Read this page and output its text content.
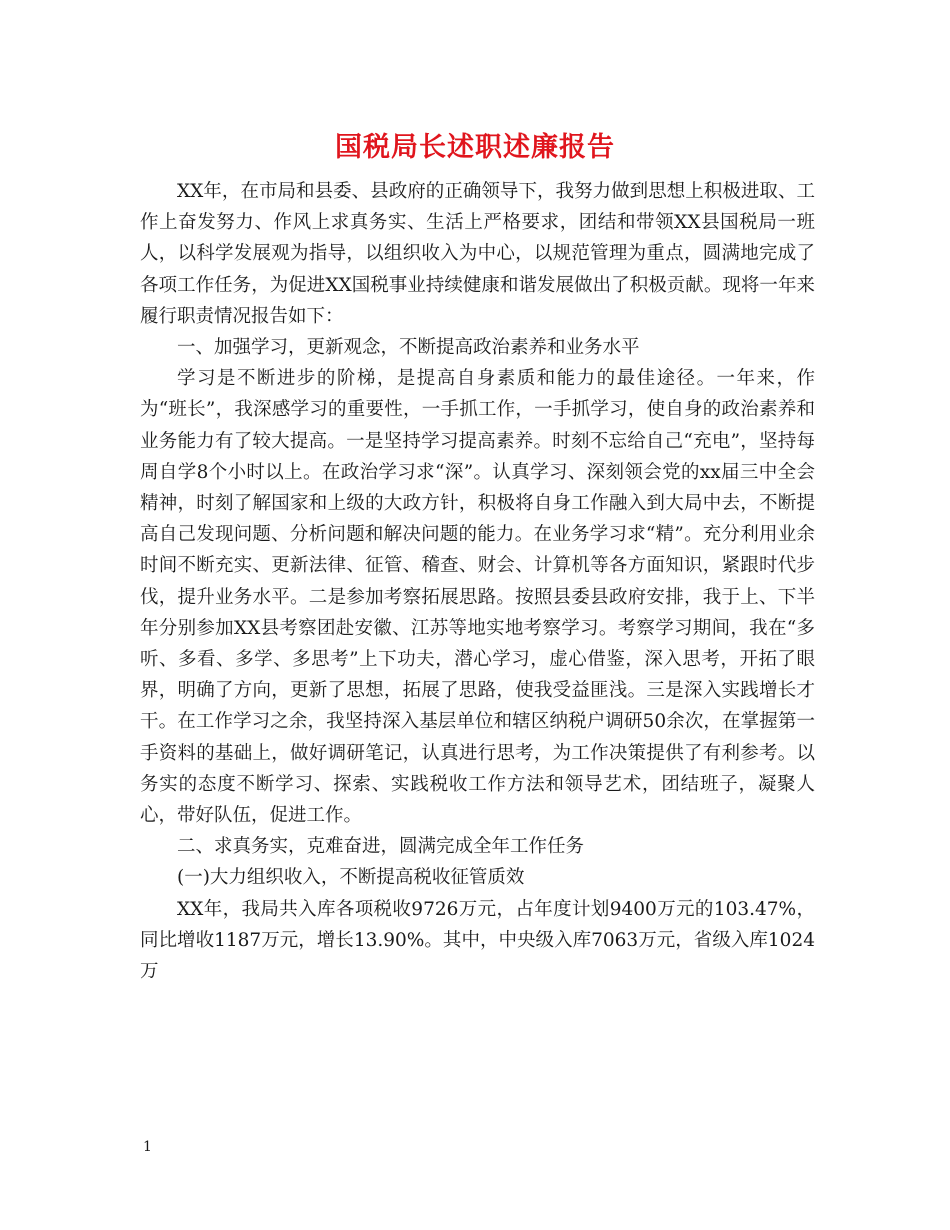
国税局长述职述廉报告

XX年，在市局和县委、县政府的正确领导下，我努力做到思想上积极进取、工作上奋发努力、作风上求真务实、生活上严格要求，团结和带领XX县国税局一班人，以科学发展观为指导，以组织收入为中心，以规范管理为重点，圆满地完成了各项工作任务，为促进XX国税事业持续健康和谐发展做出了积极贡献。现将一年来履行职责情况报告如下：

一、加强学习，更新观念，不断提高政治素养和业务水平

学习是不断进步的阶梯，是提高自身素质和能力的最佳途径。一年来，作为“班长”，我深感学习的重要性，一手抓工作，一手抓学习，使自身的政治素养和业务能力有了较大提高。一是坚持学习提高素养。时刻不忘给自己“充电”，坚持每周自学8个小时以上。在政治学习求“深”。认真学习、深刻领会党的xx届三中全会精神，时刻了解国家和上级的大政方针，积极将自身工作融入到大局中去，不断提高自己发现问题、分析问题和解决问题的能力。在业务学习求“精”。充分利用业余时间不断充实、更新法律、征管、稽查、财会、计算机等各方面知识，紧跟时代步伐，提升业务水平。二是参加考察拓展思路。按照县委县政府安排，我于上、下半年分别参加XX县考察团赴安徽、江苏等地实地考察学习。考察学习期间，我在“多听、多看、多学、多思考”上下功夫，潜心学习，虚心借鉴，深入思考，开拓了眼界，明确了方向，更新了思想，拓展了思路，使我受益匪浅。三是深入实践增长才干。在工作学习之余，我坚持深入基层单位和辖区纳税户调研50余次，在掌握第一手资料的基础上，做好调研笔记，认真进行思考，为工作决策提供了有利参考。以务实的态度不断学习、探索、实践税收工作方法和领导艺术，团结班子，凝聚人心，带好队伍，促进工作。

二、求真务实，克难奋进，圆满完成全年工作任务

(一)大力组织收入，不断提高税收征管质效

XX年，我局共入库各项税收9726万元，占年度计划9400万元的103.47%，同比增收1187万元，增长13.90%。其中，中央级入库7063万元，省级入库1024万

1
